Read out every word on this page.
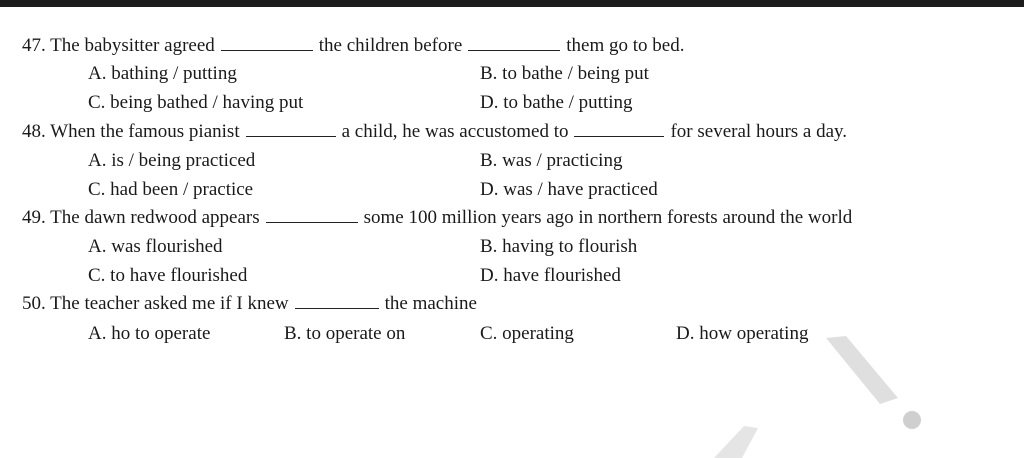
47. The babysitter agreed	the children before	them go to bed.
A. bathing / putting	B. to bathe / being put
C. being bathed / having put	D. to bathe / putting
48. When the famous pianist	a child, he was accustomed to	for several hours a day.
A. is / being practiced	B. was / practicing
C. had been / practice	D. was / have practiced
49. The dawn redwood appears	some 100 million years ago in northern forests around the world
A. was flourished	B. having to flourish
C. to have flourished	D. have flourished
50. The teacher asked me if I knew	the machine
A. ho to operate	B. to operate on	C. operating	D. how operating
